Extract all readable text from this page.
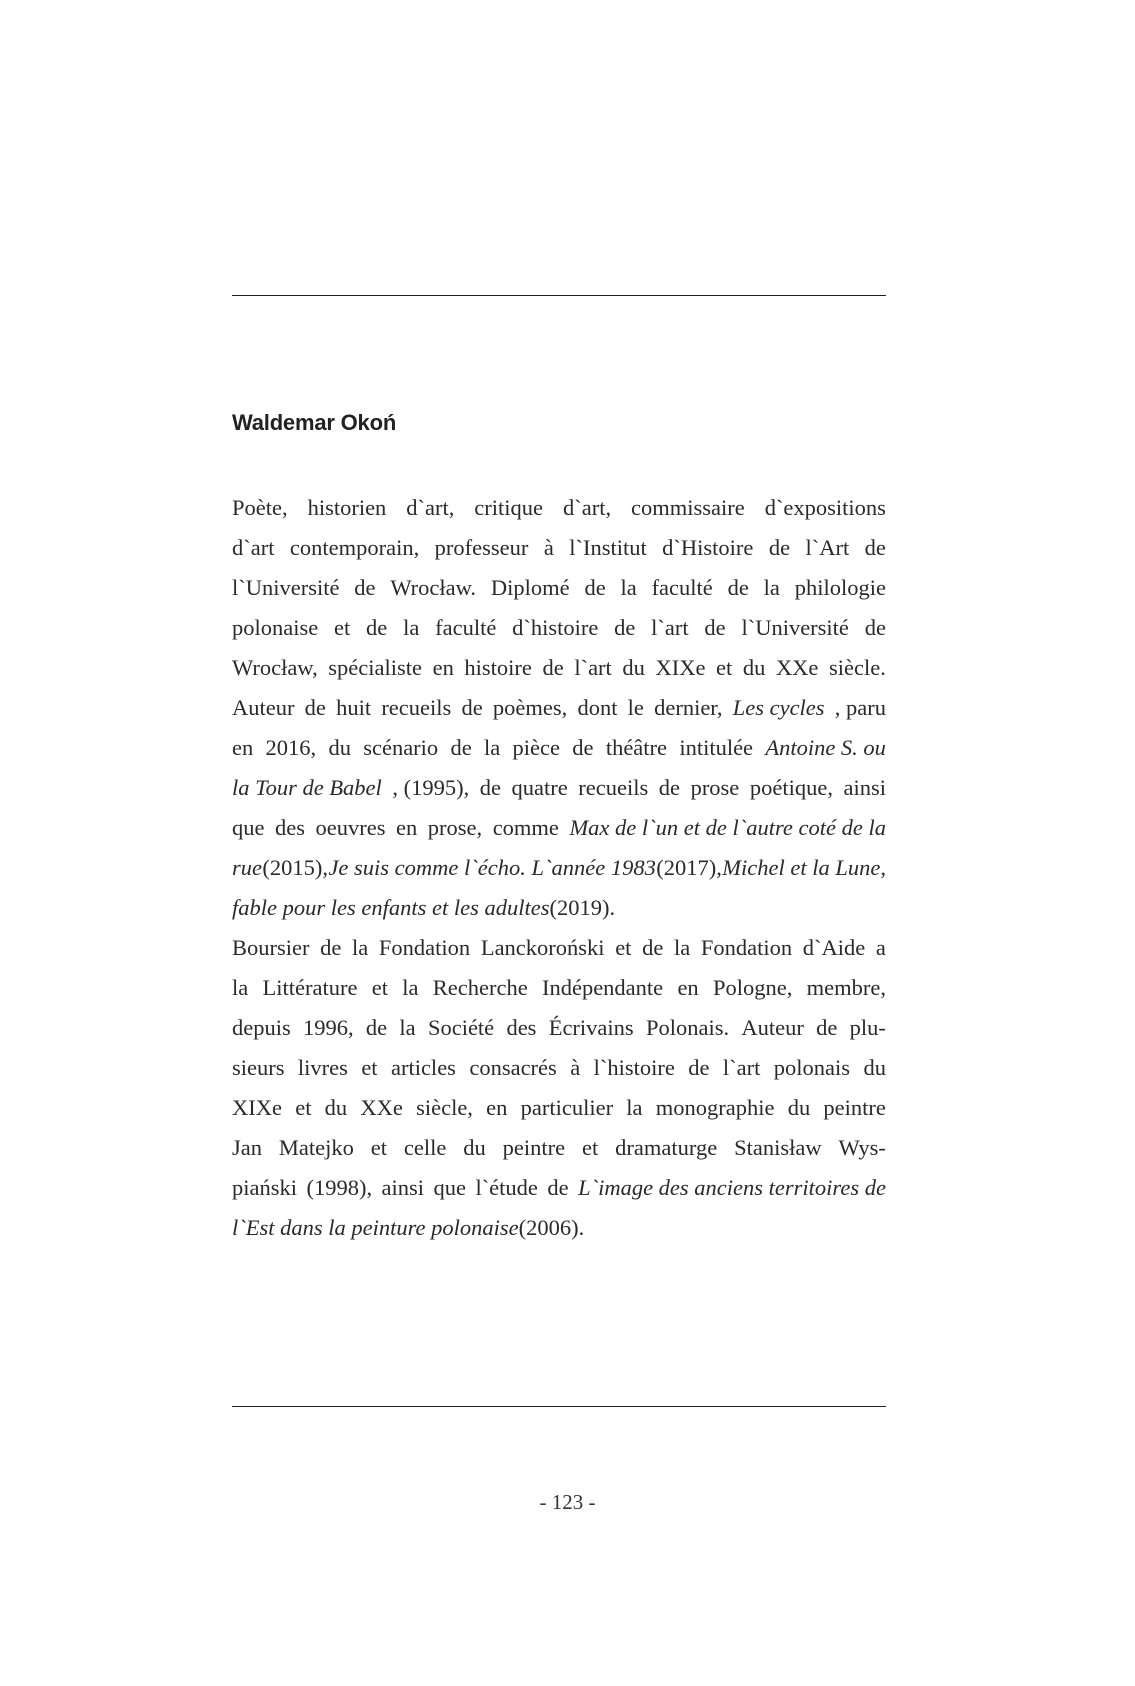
Waldemar Okoń
Poète, historien d`art, critique d`art, commissaire d`expositions
d`art contemporain, professeur à l`Institut d`Histoire de l`Art de
l`Université de Wrocław. Diplomé de la faculté de la philologie
polonaise et de la faculté d`histoire de l`art de l`Université de
Wrocław, spécialiste en histoire de l`art du XIXe et du XXe siècle.
Auteur de huit recueils de poèmes, dont le dernier, Les cycles , paru
en 2016, du scénario de la pièce de théâtre intitulée Antoine S. ou
la Tour de Babel , (1995), de quatre recueils de prose poétique, ainsi
que des oeuvres en prose, comme Max de l`un et de l`autre coté de la
rue (2015), Je suis comme l`écho. L`année 1983 (2017), Michel et la Lune,
fable pour les enfants et les adultes (2019).
Boursier de la Fondation Lanckoroński et de la Fondation d`Aide a
la Littérature et la Recherche Indépendante en Pologne, membre,
depuis 1996, de la Société des Écrivains Polonais. Auteur de plu-
sieurs livres et articles consacrés à l`histoire de l`art polonais du
XIXe et du XXe siècle, en particulier la monographie du peintre
Jan Matejko et celle du peintre et dramaturge Stanisław Wys-
piański (1998), ainsi que l`étude de L`image des anciens territoires de
l`Est dans la peinture polonaise (2006).
- 123 -
